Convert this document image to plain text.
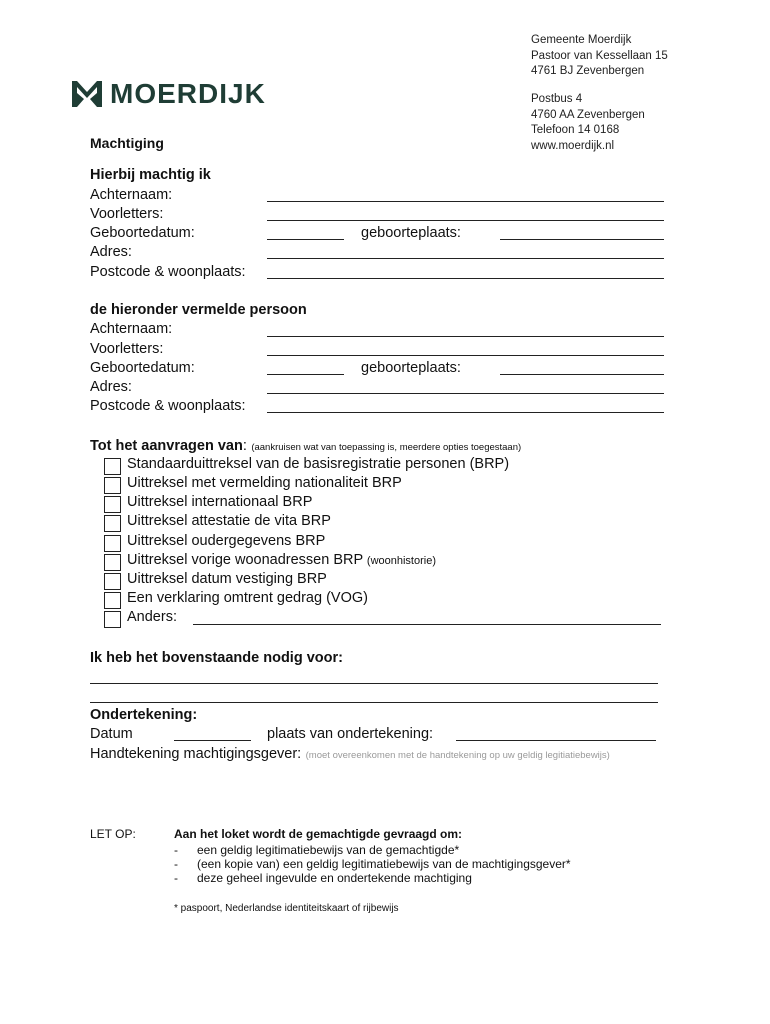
MOERDIJK
Gemeente Moerdijk
Pastoor van Kessellaan 15
4761 BJ Zevenbergen
Postbus 4
4760 AA Zevenbergen
Telefoon 14 0168
www.moerdijk.nl
Machtiging
Hierbij machtig ik
Achternaam:
Voorletters:
Geboortedatum:	geboorteplaats:
Adres:
Postcode & woonplaats:
de hieronder vermelde persoon
Achternaam:
Voorletters:
Geboortedatum:	geboorteplaats:
Adres:
Postcode & woonplaats:
Tot het aanvragen van: (aankruisen wat van toepassing is, meerdere opties toegestaan)
Standaarduittreksel van de basisregistratie personen (BRP)
Uittreksel met vermelding nationaliteit BRP
Uittreksel internationaal BRP
Uittreksel attestatie de vita BRP
Uittreksel oudergegevens BRP
Uittreksel vorige woonadressen BRP (woonhistorie)
Uittreksel datum vestiging BRP
Een verklaring omtrent gedrag (VOG)
Anders:
Ik heb het bovenstaande nodig voor:
Ondertekening:
Datum	plaats van ondertekening:
Handtekening machtigingsgever: (moet overeenkomen met de handtekening op uw geldig legitiatiebewijs)
LET OP:	Aan het loket wordt de gemachtigde gevraagd om:
- een geldig legitimatiebewijs van de gemachtigde*
- (een kopie van) een geldig legitimatiebewijs van de machtigingsgever*
- deze geheel ingevulde en ondertekende machtiging
* paspoort, Nederlandse identiteitskaart of rijbewijs
